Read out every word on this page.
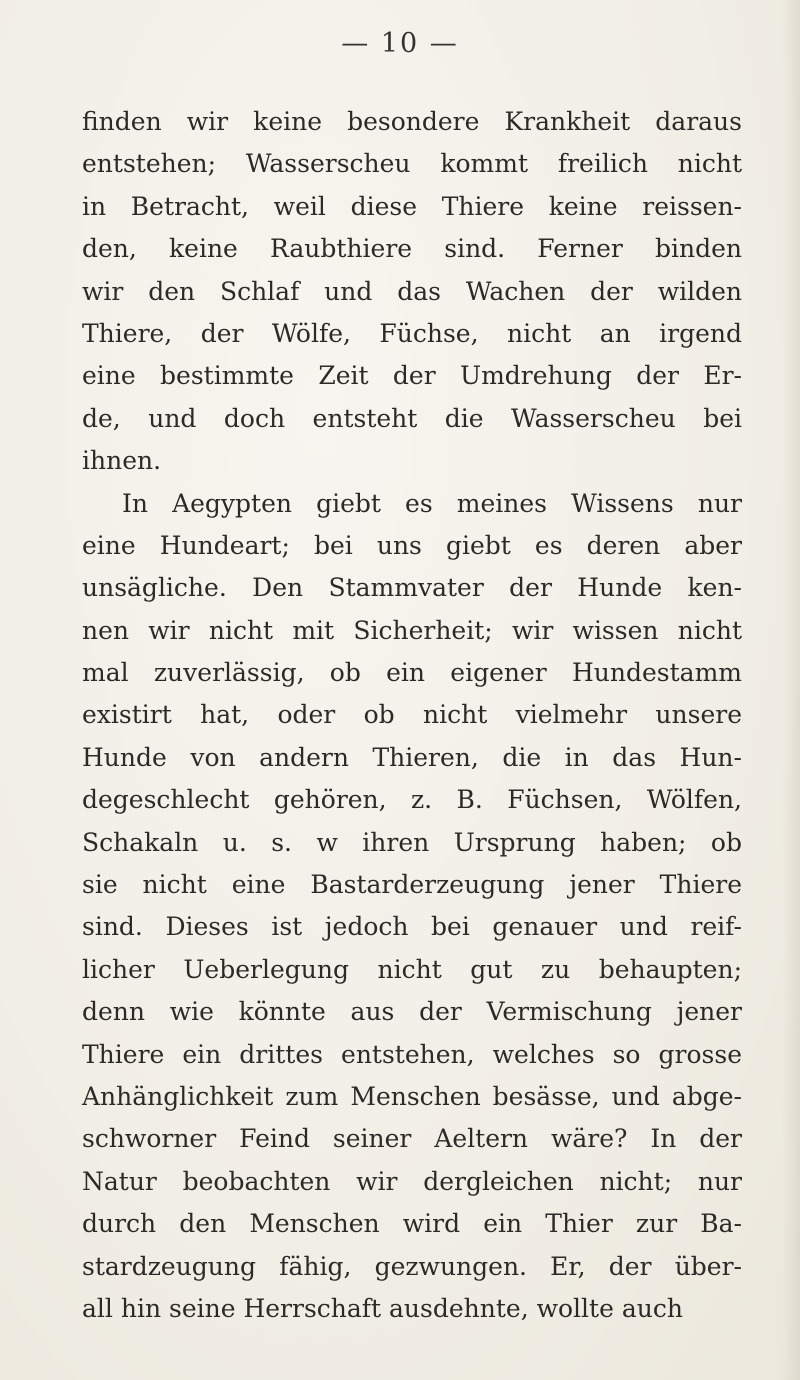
— 10 —
finden wir keine besondere Krankheit daraus
entstehen; Wasserscheu kommt freilich nicht
in Betracht, weil diese Thiere keine reissen-
den, keine Raubthiere sind. Ferner binden
wir den Schlaf und das Wachen der wilden
Thiere, der Wölfe, Füchse, nicht an irgend
eine bestimmte Zeit der Umdrehung der Er-
de, und doch entsteht die Wasserscheu bei
ihnen.
In Aegypten giebt es meines Wissens nur
eine Hundeart; bei uns giebt es deren aber
unsägliche. Den Stammvater der Hunde ken-
nen wir nicht mit Sicherheit; wir wissen nicht
mal zuverlässig, ob ein eigener Hundestamm
existirt hat, oder ob nicht vielmehr unsere
Hunde von andern Thieren, die in das Hun-
degeschlecht gehören, z. B. Füchsen, Wölfen,
Schakaln u. s. w ihren Ursprung haben; ob
sie nicht eine Bastarderzeugung jener Thiere
sind. Dieses ist jedoch bei genauer und reif-
licher Ueberlegung nicht gut zu behaupten;
denn wie könnte aus der Vermischung jener
Thiere ein drittes entstehen, welches so grosse
Anhänglichkeit zum Menschen besässe, und abge-
schworner Feind seiner Aeltern wäre? In der
Natur beobachten wir dergleichen nicht; nur
durch den Menschen wird ein Thier zur Ba-
stardzeugung fähig, gezwungen. Er, der über-
all hin seine Herrschaft ausdehnte, wollte auch
